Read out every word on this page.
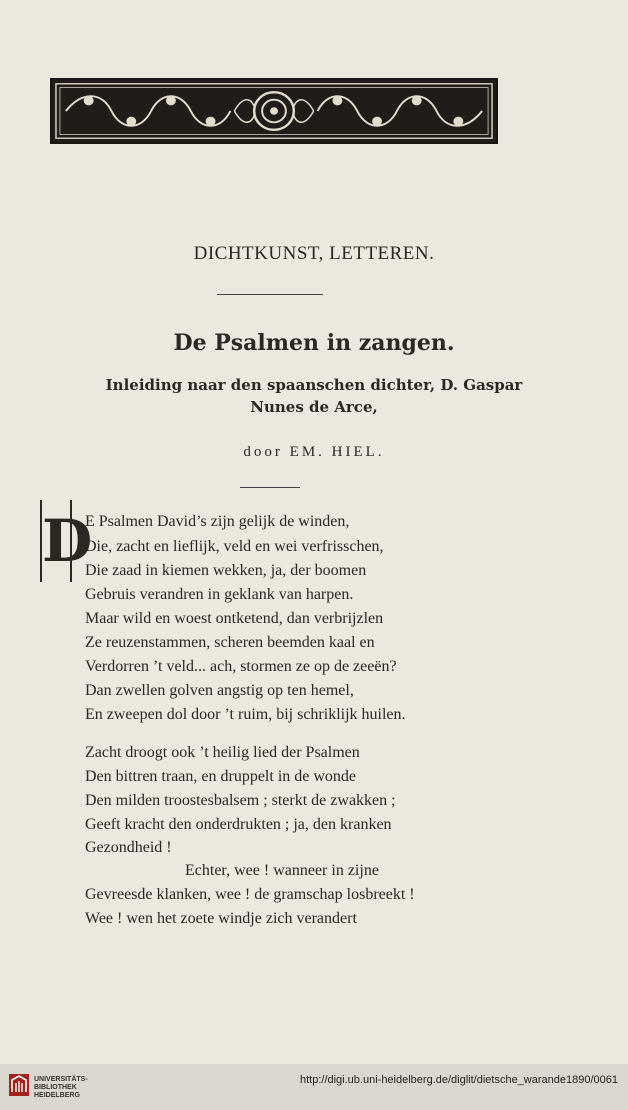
DICHTKUNST, LETTEREN.
De Psalmen in zangen.
Inleiding naar den spaanschen dichter, D. Gaspar
Nunes de Arce,
door EM. HIEL.
D
E Psalmen David’s zijn gelijk de winden,
Die, zacht en lieflijk, veld en wei verfrisschen,
Die zaad in kiemen wekken, ja, der boomen
Gebruis verandren in geklank van harpen.
Maar wild en woest ontketend, dan verbrijzlen
Ze reuzenstammen, scheren beemden kaal en
Verdorren ’t veld... ach, stormen ze op de zeeën?
Dan zwellen golven angstig op ten hemel,
En zweepen dol door ’t ruim, bij schriklijk huilen.
Zacht droogt ook ’t heilig lied der Psalmen
Den bittren traan, en druppelt in de wonde
Den milden troostesbalsem ; sterkt de zwakken ;
Geeft kracht den onderdrukten ; ja, den kranken
Gezondheid !
Echter, wee ! wanneer in zijne
Gevreesde klanken, wee ! de gramschap losbreekt !
Wee ! wen het zoete windje zich verandert
UNIVERSITÄTS-
BIBLIOTHEK
HEIDELBERG
http://digi.ub.uni-heidelberg.de/diglit/dietsche_warande1890/0061
